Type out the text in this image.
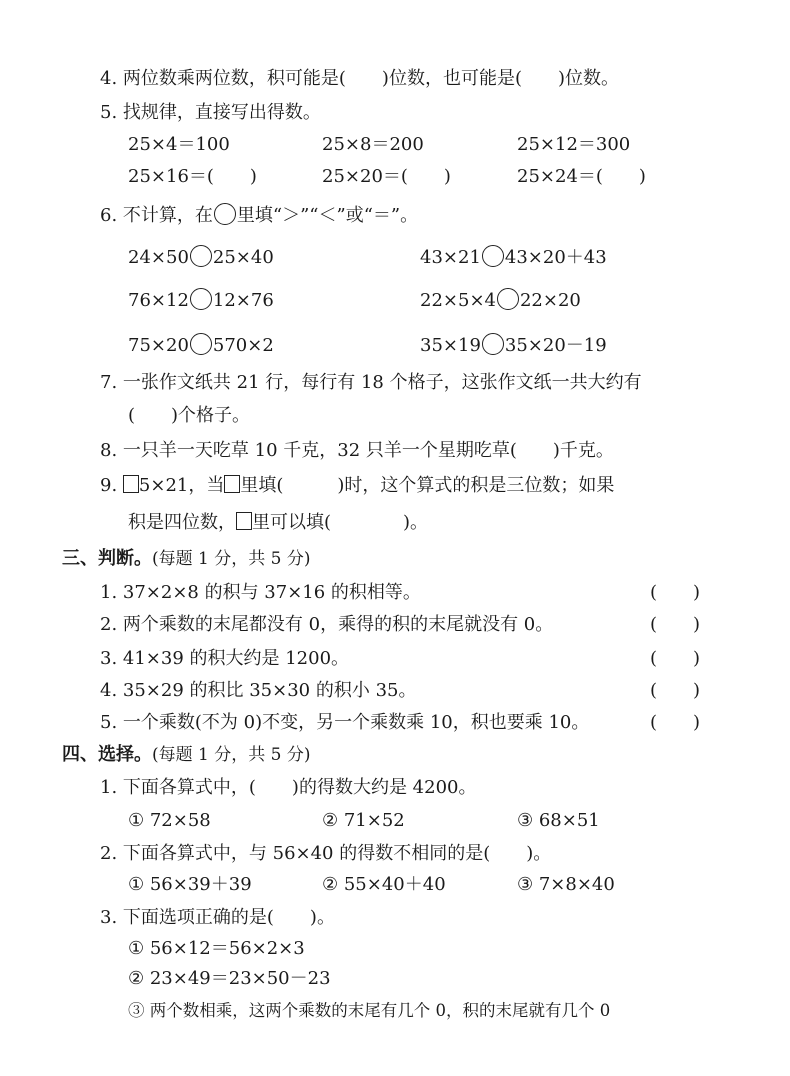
4. 两位数乘两位数，积可能是(　　)位数，也可能是(　　)位数。
5. 找规律，直接写出得数。
25×4＝100	25×8＝200	25×12＝300
25×16＝(　　)	25×20＝(　　)	25×24＝(　　)
6. 不计算，在 里填“＞”“＜”或“＝”。
24×50 25×40	43×21 43×20＋43
76×12 12×76	22×5×4 22×20
75×20 570×2	35×19 35×20－19
7. 一张作文纸共 21 行，每行有 18 个格子，这张作文纸一共大约有
(　　)个格子。
8. 一只羊一天吃草 10 千克，32 只羊一个星期吃草(　　)千克。
9. 5×21，当 里填(　　　)时，这个算式的积是三位数；如果
积是四位数， 里可以填(　　　　)。
三、判断。(每题 1 分，共 5 分)
1. 37×2×8 的积与 37×16 的积相等。	(　　)
2. 两个乘数的末尾都没有 0，乘得的积的末尾就没有 0。	(　　)
3. 41×39 的积大约是 1200。	(　　)
4. 35×29 的积比 35×30 的积小 35。	(　　)
5. 一个乘数(不为 0)不变，另一个乘数乘 10，积也要乘 10。	(　　)
四、选择。(每题 1 分，共 5 分)
1. 下面各算式中，(　　)的得数大约是 4200。
① 72×58	② 71×52	③ 68×51
2. 下面各算式中，与 56×40 的得数不相同的是(　　)。
① 56×39＋39	② 55×40＋40	③ 7×8×40
3. 下面选项正确的是(　　)。
① 56×12＝56×2×3
② 23×49＝23×50－23
③ 两个数相乘，这两个乘数的末尾有几个 0，积的末尾就有几个 0
